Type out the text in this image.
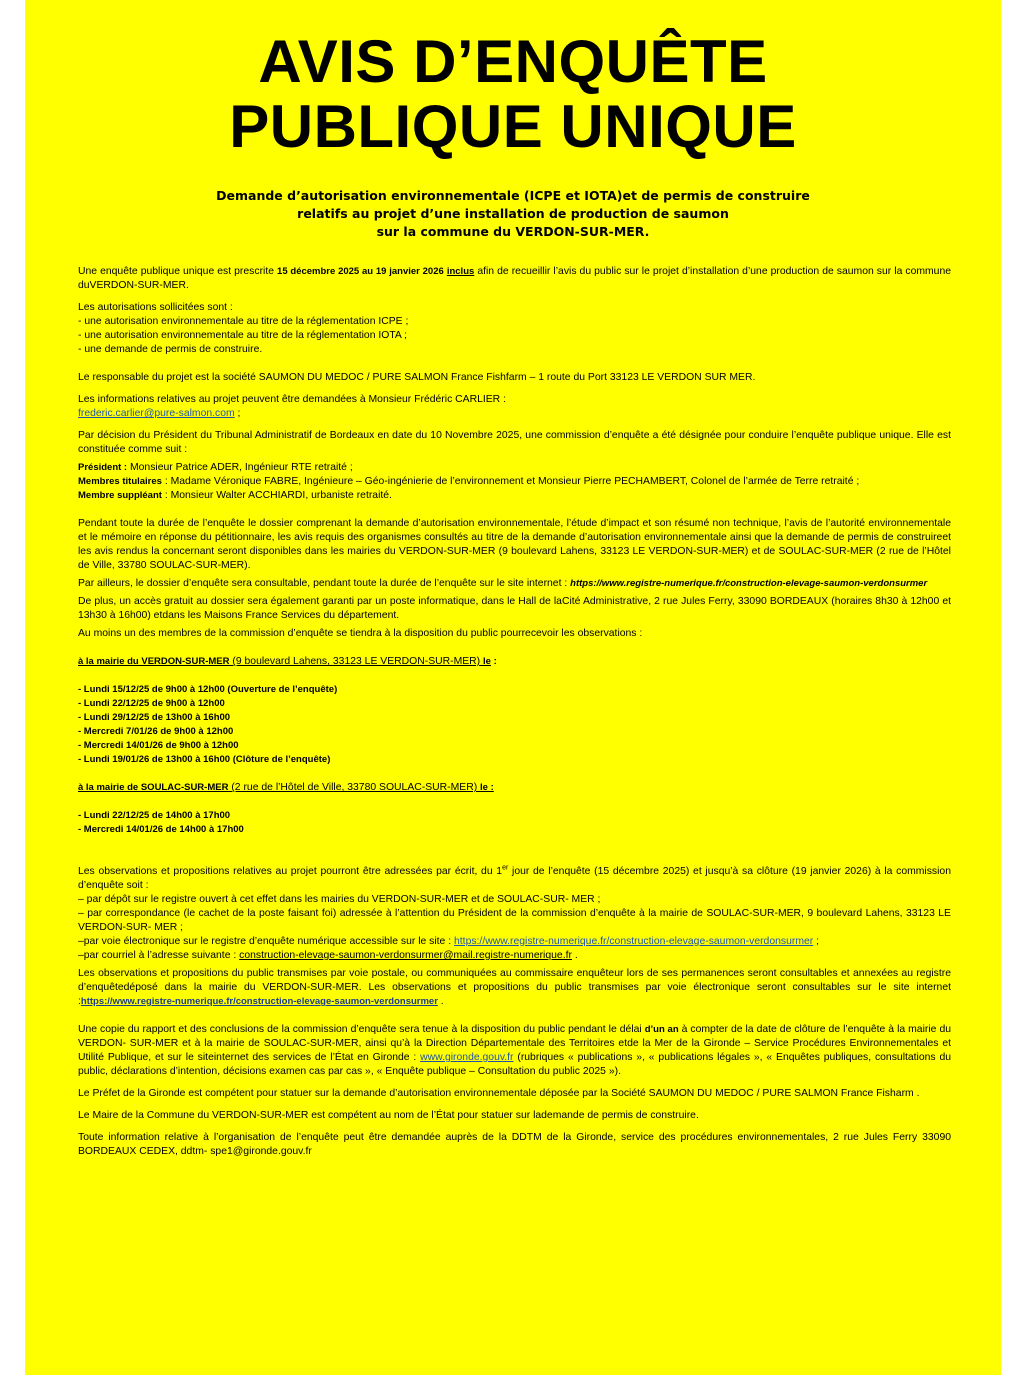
AVIS D’ENQUÊTE
PUBLIQUE UNIQUE
Demande d’autorisation environnementale (ICPE et IOTA)et de permis de construire
relatifs au projet d’une installation de production de saumon
sur la commune du VERDON-SUR-MER.

Une enquête publique unique est prescrite 15 décembre 2025 au 19 janvier 2026 inclus afin de recueillir l’avis du public sur le projet d’installation d’une production de saumon sur la commune duVERDON-SUR-MER.

Les autorisations sollicitées sont :

- une autorisation environnementale au titre de la réglementation ICPE ;

- une autorisation environnementale au titre de la réglementation IOTA ;

- une demande de permis de construire.

Le responsable du projet est la société SAUMON DU MEDOC / PURE SALMON France Fishfarm – 1 route du Port 33123 LE VERDON SUR MER.

Les informations relatives au projet peuvent être demandées à Monsieur Frédéric CARLIER :
frederic.carlier@pure-salmon.com ;

Par décision du Président du Tribunal Administratif de Bordeaux en date du 10 Novembre 2025, une commission d’enquête a été désignée pour conduire l’enquête publique unique. Elle est constituée comme suit :

Président : Monsieur Patrice ADER, Ingénieur RTE retraité ;

Membres titulaires : Madame Véronique FABRE, Ingénieure – Géo-ingénierie de l’environnement et Monsieur Pierre PECHAMBERT, Colonel de l’armée de Terre retraité ;

Membre suppléant : Monsieur Walter ACCHIARDI, urbaniste retraité.

Pendant toute la durée de l’enquête le dossier comprenant la demande d’autorisation environnementale, l’étude d’impact et son résumé non technique, l’avis de l’autorité environnementale et le mémoire en réponse du pétitionnaire, les avis requis des organismes consultés au titre de la demande d’autorisation environnementale ainsi que la demande de permis de construireet les avis rendus la concernant seront disponibles dans les mairies du VERDON-SUR-MER (9 boulevard Lahens, 33123 LE VERDON-SUR-MER) et de SOULAC-SUR-MER (2 rue de l’Hôtel de Ville, 33780 SOULAC-SUR-MER).

Par ailleurs, le dossier d’enquête sera consultable, pendant toute la durée de l’enquête sur le site internet : https://www.registre-numerique.fr/construction-elevage-saumon-verdonsurmer

De plus, un accès gratuit au dossier sera également garanti par un poste informatique, dans le Hall de laCité Administrative, 2 rue Jules Ferry, 33090 BORDEAUX (horaires 8h30 à 12h00 et 13h30 à 16h00) etdans les Maisons France Services du département.

Au moins un des membres de la commission d’enquête se tiendra à la disposition du public pourrecevoir les observations :

à la mairie du VERDON-SUR-MER (9 boulevard Lahens, 33123 LE VERDON-SUR-MER) le :

- Lundi 15/12/25 de 9h00 à 12h00 (Ouverture de l’enquête)

- Lundi 22/12/25 de 9h00 à 12h00

- Lundi 29/12/25 de 13h00 à 16h00

- Mercredi 7/01/26 de 9h00 à 12h00

- Mercredi 14/01/26 de 9h00 à 12h00

- Lundi 19/01/26 de 13h00 à 16h00 (Clôture de l’enquête)

à la mairie de SOULAC-SUR-MER (2 rue de l’Hôtel de Ville, 33780 SOULAC-SUR-MER) le :

- Lundi 22/12/25 de 14h00 à 17h00

- Mercredi 14/01/26 de 14h00 à 17h00

Les observations et propositions relatives au projet pourront être adressées par écrit, du 1er jour de l’enquête (15 décembre 2025) et jusqu’à sa clôture (19 janvier 2026) à la commission d’enquête soit :

– par dépôt sur le registre ouvert à cet effet dans les mairies du VERDON-SUR-MER et de SOULAC-SUR- MER ;

– par correspondance (le cachet de la poste faisant foi) adressée à l’attention du Président de la commission d’enquête à la mairie de SOULAC-SUR-MER, 9 boulevard Lahens, 33123 LE VERDON-SUR- MER ;

–par voie électronique sur le registre d’enquête numérique accessible sur le site : https://www.registre-numerique.fr/construction-elevage-saumon-verdonsurmer ;

–par courriel à l’adresse suivante : construction-elevage-saumon-verdonsurmer@mail.registre-numerique.fr .

Les observations et propositions du public transmises par voie postale, ou communiquées au commissaire enquêteur lors de ses permanences seront consultables et annexées au registre d’enquêtedéposé dans la mairie du VERDON-SUR-MER. Les observations et propositions du public transmises par voie électronique seront consultables sur le site internet :https://www.registre-numerique.fr/construction-elevage-saumon-verdonsurmer .

Une copie du rapport et des conclusions de la commission d’enquête sera tenue à la disposition du public pendant le délai d’un an à compter de la date de clôture de l’enquête à la mairie du VERDON- SUR-MER et à la mairie de SOULAC-SUR-MER, ainsi qu’à la Direction Départementale des Territoires etde la Mer de la Gironde – Service Procédures Environnementales et Utilité Publique, et sur le siteinternet des services de l’État en Gironde : www.gironde.gouv.fr (rubriques « publications », « publications légales », « Enquêtes publiques, consultations du public, déclarations d’intention, décisions examen cas par cas », « Enquête publique – Consultation du public 2025 »).

Le Préfet de la Gironde est compétent pour statuer sur la demande d’autorisation environnementale déposée par la Société SAUMON DU MEDOC / PURE SALMON France Fisharm .

Le Maire de la Commune du VERDON-SUR-MER est compétent au nom de l’État pour statuer sur lademande de permis de construire.

Toute information relative à l’organisation de l’enquête peut être demandée auprès de la DDTM de la Gironde, service des procédures environnementales, 2 rue Jules Ferry 33090 BORDEAUX CEDEX, ddtm- spe1@gironde.gouv.fr
